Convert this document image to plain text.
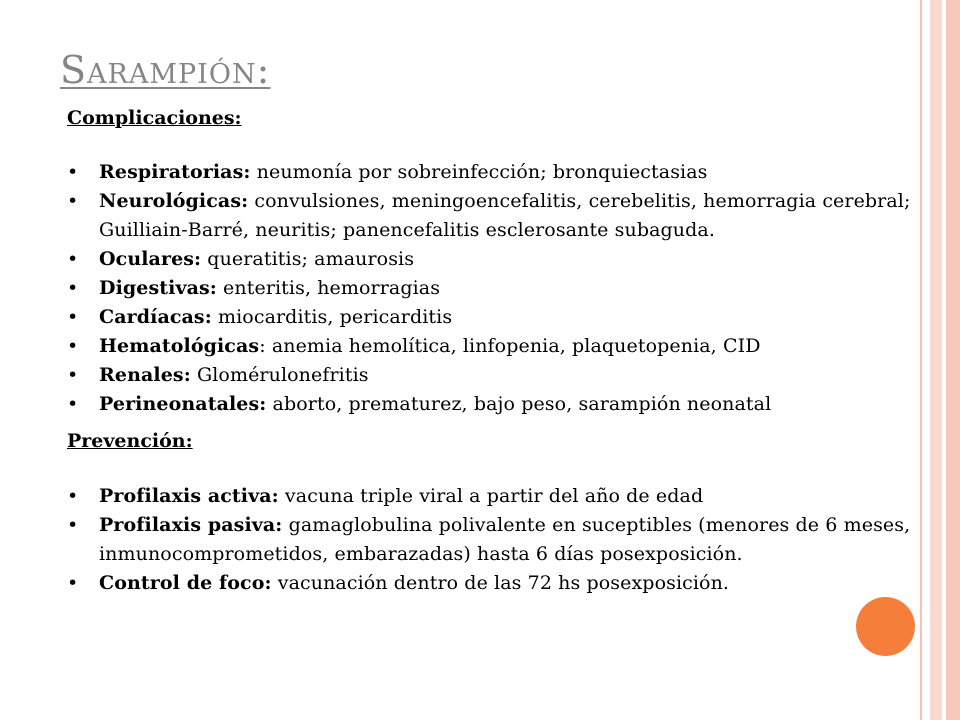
Sarampión:
Complicaciones:
• Respiratorias: neumonía por sobreinfección; bronquiectasias
• Neurológicas: convulsiones, meningoencefalitis, cerebelitis, hemorragia cerebral; Guilliain-Barré, neuritis; panencefalitis esclerosante subaguda.
• Oculares: queratitis; amaurosis
• Digestivas: enteritis, hemorragias
• Cardíacas: miocarditis, pericarditis
• Hematológicas: anemia hemolítica, linfopenia, plaquetopenia, CID
• Renales: Glomérulonefritis
• Perineonatales: aborto, prematurez, bajo peso, sarampión neonatal
Prevención:
• Profilaxis activa: vacuna triple viral a partir del año de edad
• Profilaxis pasiva: gamaglobulina polivalente en suceptibles (menores de 6 meses, inmunocomprometidos, embarazadas) hasta 6 días posexposición.
• Control de foco: vacunación dentro de las 72 hs posexposición.
